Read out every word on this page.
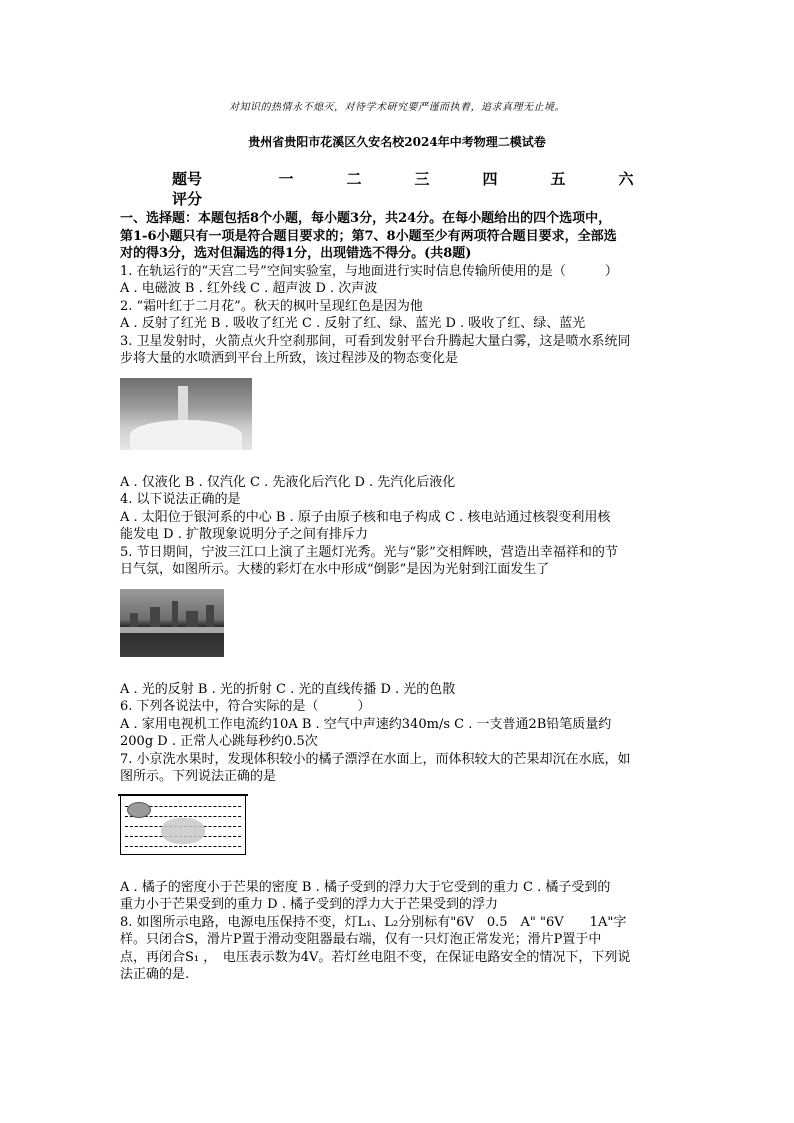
对知识的热情永不熄灭，对待学术研究要严谨而执着，追求真理无止境。
贵州省贵阳市花溪区久安名校2024年中考物理二模试卷
题号	一	二	三	四	五	六
评分

一、选择题：本题包括8个小题，每小题3分，共24分。在每小题给出的四个选项中，

第1-6小题只有一项是符合题目要求的；第7、8小题至少有两项符合题目要求，全部选

对的得3分，选对但漏选的得1分，出现错选不得分。(共8题)

1. 在轨运行的“天宫二号”空间实验室，与地面进行实时信息传输所使用的是（　　　）

A . 电磁波 B . 红外线 C . 超声波 D . 次声波

2. “霜叶红于二月花”。秋天的枫叶呈现红色是因为他

A . 反射了红光 B . 吸收了红光 C . 反射了红、绿、蓝光 D . 吸收了红、绿、蓝光

3. 卫星发射时，火箭点火升空刹那间，可看到发射平台升腾起大量白雾，这是喷水系统同

步将大量的水喷洒到平台上所致，该过程涉及的物态变化是

A . 仅液化 B . 仅汽化 C . 先液化后汽化 D . 先汽化后液化

4. 以下说法正确的是

A . 太阳位于银河系的中心 B . 原子由原子核和电子构成 C . 核电站通过核裂变利用核

能发电 D . 扩散现象说明分子之间有排斥力

5. 节日期间，宁波三江口上演了主题灯光秀。光与“影”交相辉映，营造出幸福祥和的节

日气氛，如图所示。大楼的彩灯在水中形成“倒影”是因为光射到江面发生了

A . 光的反射 B . 光的折射 C . 光的直线传播 D . 光的色散

6. 下列各说法中，符合实际的是（　　　）

A . 家用电视机工作电流约10A B . 空气中声速约340m/s C . 一支普通2B铅笔质量约

200g D . 正常人心跳每秒约0.5次

7. 小京洗水果时，发现体积较小的橘子漂浮在水面上，而体积较大的芒果却沉在水底，如

图所示。下列说法正确的是

A . 橘子的密度小于芒果的密度 B . 橘子受到的浮力大于它受到的重力 C . 橘子受到的

重力小于芒果受到的重力 D . 橘子受到的浮力大于芒果受到的浮力

8. 如图所示电路，电源电压保持不变，灯L₁、L₂分别标有"6V　0.5　A" "6V　　1A"字

样。只闭合S，滑片P置于滑动变阻器最右端，仅有一只灯泡正常发光；滑片P置于中

点，再闭合S₁ ，　电压表示数为4V。若灯丝电阻不变，在保证电路安全的情况下，下列说

法正确的是.
